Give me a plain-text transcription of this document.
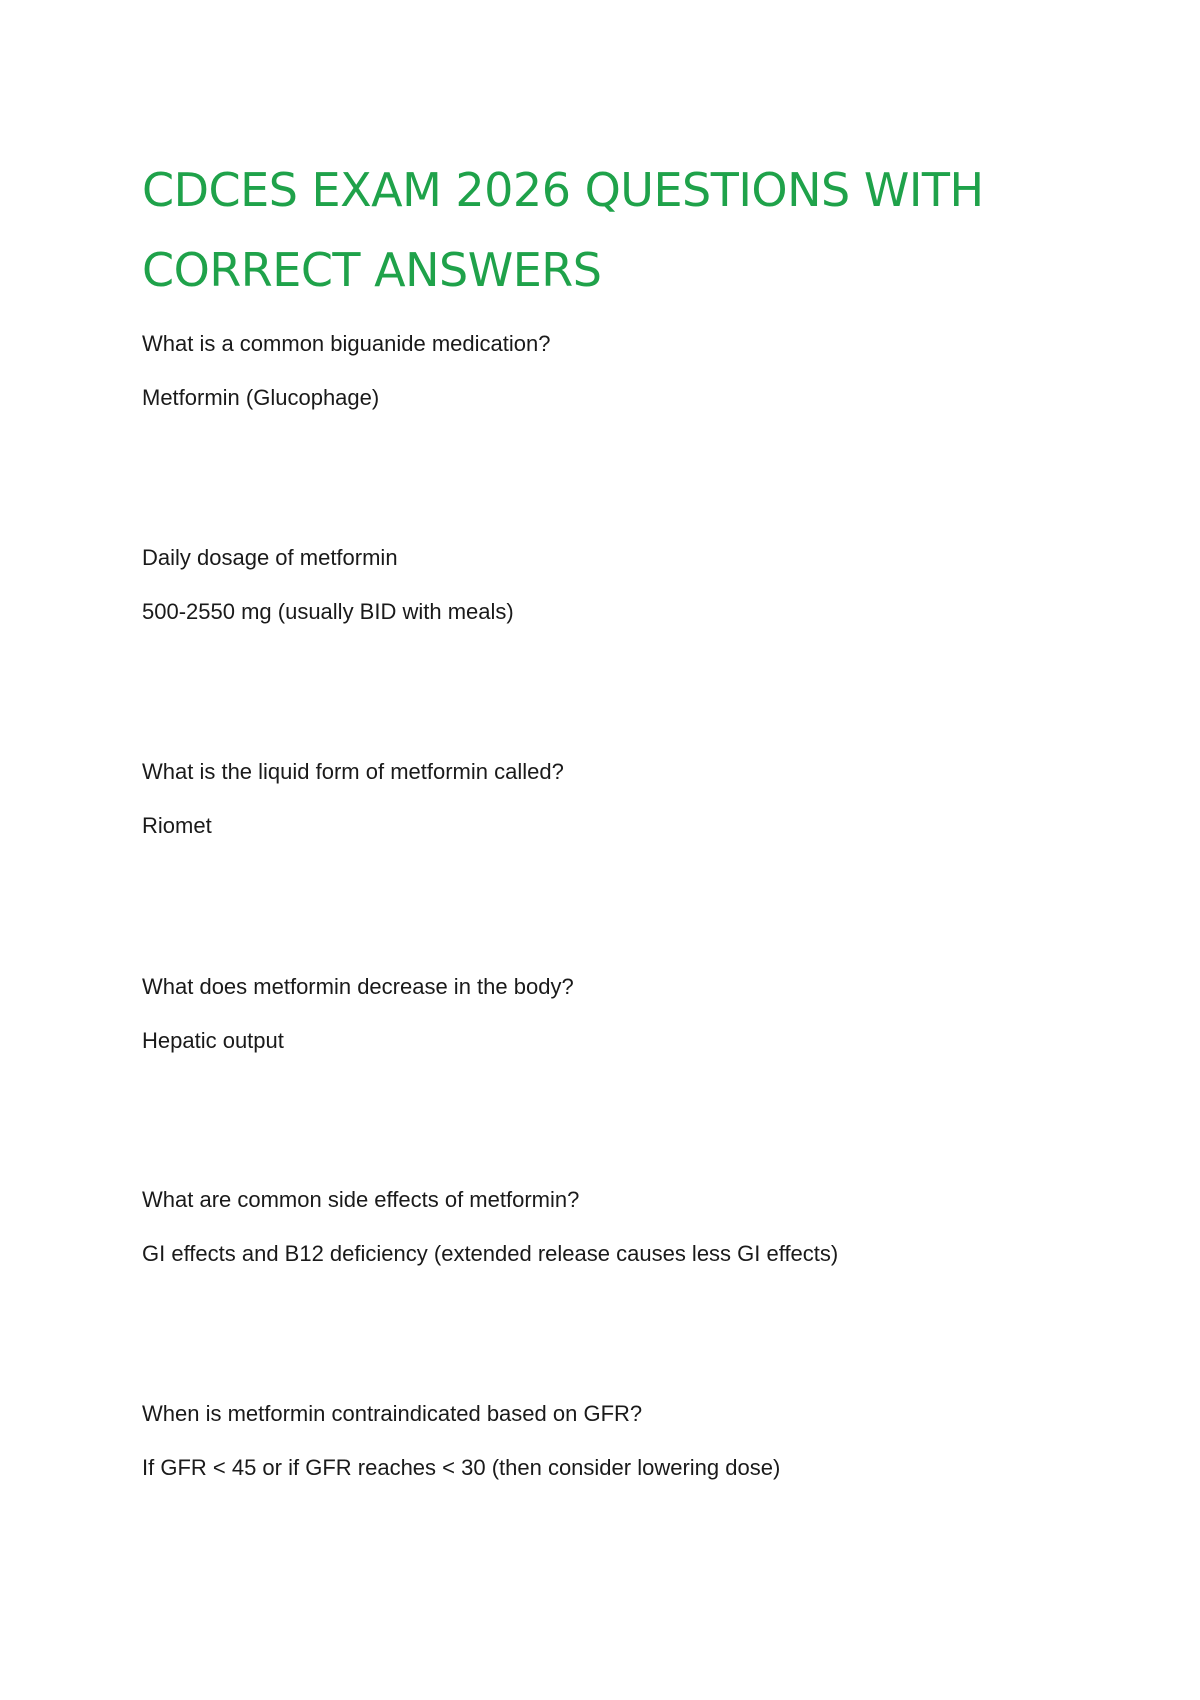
CDCES EXAM 2026 QUESTIONS WITH CORRECT ANSWERS

What is a common biguanide medication?

Metformin (Glucophage)

Daily dosage of metformin

500-2550 mg (usually BID with meals)

What is the liquid form of metformin called?

Riomet

What does metformin decrease in the body?

Hepatic output

What are common side effects of metformin?

GI effects and B12 deficiency (extended release causes less GI effects)

When is metformin contraindicated based on GFR?

If GFR < 45 or if GFR reaches < 30 (then consider lowering dose)
